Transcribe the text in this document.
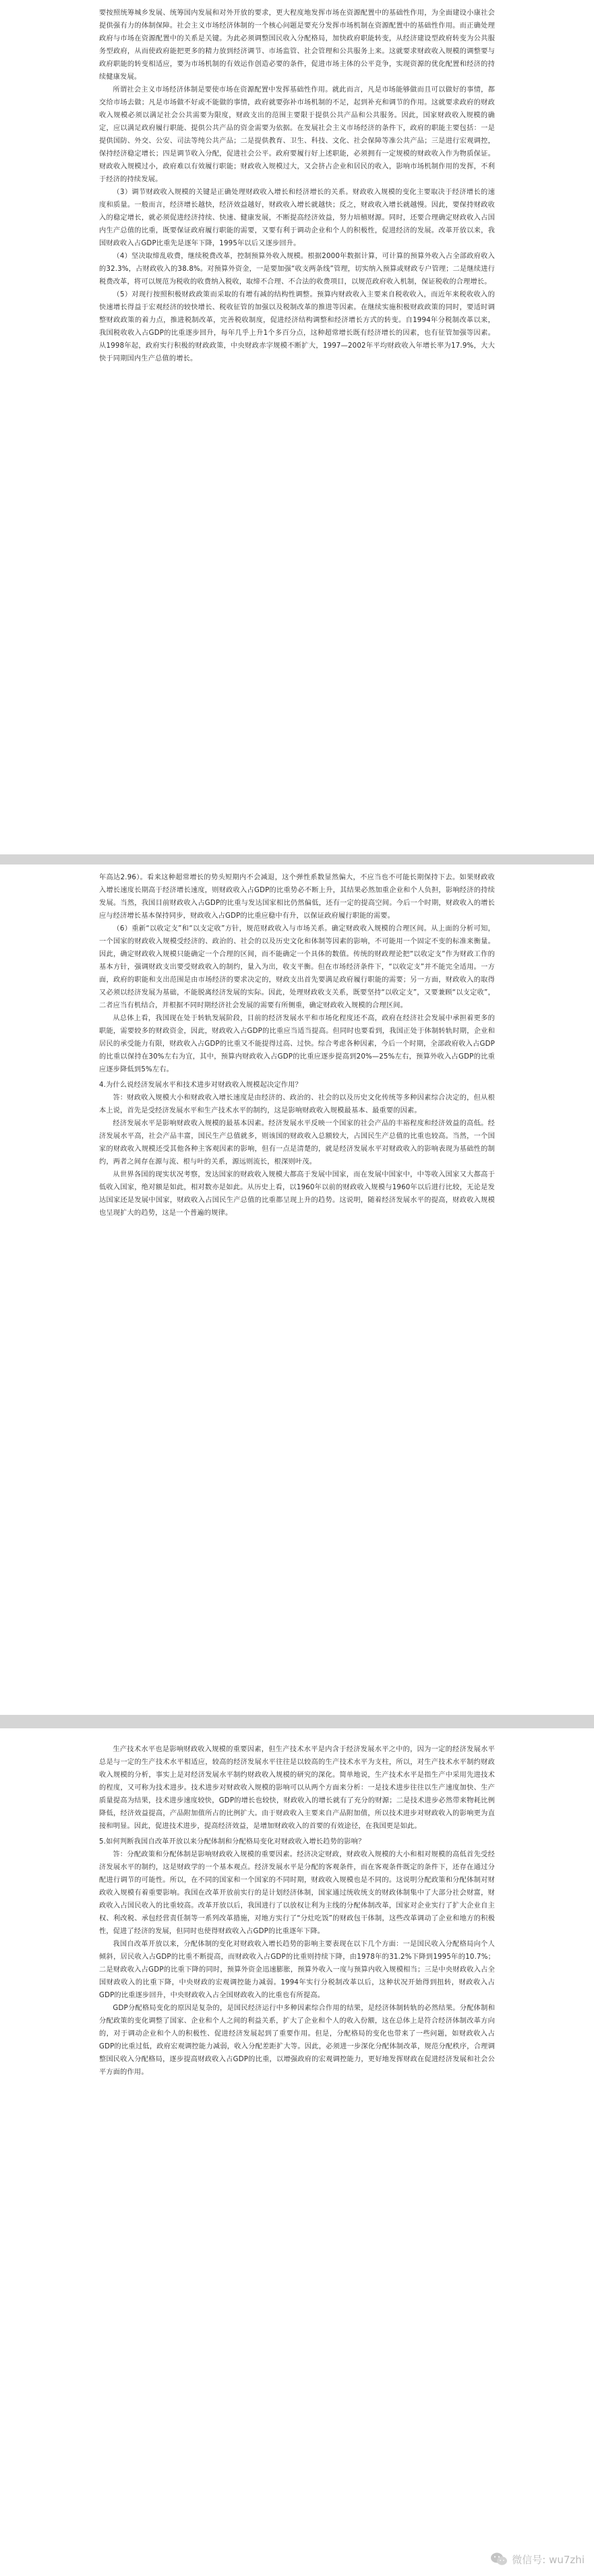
要按照统筹城乡发展、统筹国内发展和对外开放的要求，更大程度地发挥市场在资源配置中的基础性作用，为全面建设小康社会提供强有力的体制保障。社会主义市场经济体制的一个核心问题是要充分发挥市场机制在资源配置中的基础性作用。而正确处理政府与市场在资源配置中的关系是关键。为此必须调整国民收入分配格局，加快政府职能转变，从经济建设型政府转变为公共服务型政府，从而使政府能把更多的精力放到经济调节、市场监管、社会管理和公共服务上来。这就要求财政收入规模的调整要与政府职能的转变相适应，要为市场机制的有效运作创造必要的条件，促进市场主体的公平竞争，实现资源的优化配置和经济的持续健康发展。

所谓社会主义市场经济体制是要使市场在资源配置中发挥基础性作用。就此而言，凡是市场能够做而且可以做好的事情，都交给市场去做；凡是市场做不好或不能做的事情，政府就要弥补市场机制的不足，起到补充和调节的作用。这就要求政府的财政收入规模必须以满足社会公共需要为限度，财政支出的范围主要限于提供公共产品和公共服务。因此，国家财政收入规模的确定，应以满足政府履行职能、提供公共产品的资金需要为依据。在发展社会主义市场经济的条件下，政府的职能主要包括：一是提供国防、外交、公安、司法等纯公共产品；二是提供教育、卫生、科技、文化、社会保障等准公共产品；三是进行宏观调控，保持经济稳定增长；四是调节收入分配，促进社会公平。政府要履行好上述职能，必须拥有一定规模的财政收入作为物质保证。财政收入规模过小，政府难以有效履行职能；财政收入规模过大，又会挤占企业和居民的收入，影响市场机制作用的发挥，不利于经济的持续发展。

（3）调节财政收入规模的关键是正确处理财政收入增长和经济增长的关系。财政收入规模的变化主要取决于经济增长的速度和质量。一般而言，经济增长越快，经济效益越好，财政收入增长就越快；反之，财政收入增长就越慢。因此，要保持财政收入的稳定增长，就必须促进经济持续、快速、健康发展，不断提高经济效益，努力培植财源。同时，还要合理确定财政收入占国内生产总值的比重，既要保证政府履行职能的需要，又要有利于调动企业和个人的积极性，促进经济的发展。改革开放以来，我国财政收入占GDP比重先是逐年下降，1995年以后又逐步回升。

（4）坚决取缔乱收费，继续税费改革，控制预算外收入规模。根据2000年数据计算，可计算的预算外收入占全部政府收入的32.3%，占财政收入的38.8%。对预算外资金，一是要加强“收支两条线”管理，切实纳入预算或财政专户管理；二是继续进行税费改革，将可以规范为税收的收费纳入税收，取缔不合理、不合法的收费项目，以规范政府收入机制，保证税收的合理增长。

（5）对现行按照积极财政政策而采取的有增有减的结构性调整。预算内财政收入主要来自税收收入，而近年来税收收入的快速增长得益于宏观经济的较快增长、税收征管的加强以及税制改革的推进等因素。在继续实施积极财政政策的同时，要适时调整财政政策的着力点，推进税制改革，完善税收制度，促进经济结构调整和经济增长方式的转变。自1994年分税制改革以来，我国税收收入占GDP的比重逐步回升，每年几乎上升1个多百分点，这种超常增长既有经济增长的因素，也有征管加强等因素。从1998年起，政府实行积极的财政政策，中央财政赤字规模不断扩大，1997—2002年平均财政收入年增长率为17.9%，大大快于同期国内生产总值的增长。

年高达2.96）。看来这种超常增长的势头短期内不会减退，这个弹性系数显然偏大，不应当也不可能长期保持下去。如果财政收入增长速度长期高于经济增长速度，则财政收入占GDP的比重势必不断上升，其结果必然加重企业和个人负担，影响经济的持续发展。当然，我国目前财政收入占GDP的比重与发达国家相比仍然偏低，还有一定的提高空间。今后一个时期，财政收入的增长应与经济增长基本保持同步，财政收入占GDP的比重应稳中有升，以保证政府履行职能的需要。

（6）重新“以收定支”和“以支定收”方针，规范财政收入与市场关系。确定财政收入规模的合理区间。从上面的分析可知，一个国家的财政收入规模受经济的、政治的、社会的以及历史文化和体制等因素的影响，不可能用一个固定不变的标准来衡量。因此，确定财政收入规模只能确定一个合理的区间，而不能确定一个具体的数值。传统的财政理论把“以收定支”作为财政工作的基本方针，强调财政支出要受财政收入的制约，量入为出，收支平衡。但在市场经济条件下，“以收定支”并不能完全适用。一方面，政府的职能和支出范围是由市场经济的要求决定的，财政支出首先要满足政府履行职能的需要；另一方面，财政收入的取得又必须以经济发展为基础，不能脱离经济发展的实际。因此，处理财政收支关系，既要坚持“以收定支”，又要兼顾“以支定收”，二者应当有机结合，并根据不同时期经济社会发展的需要有所侧重，确定财政收入规模的合理区间。

从总体上看，我国现在处于转轨发展阶段，目前的经济发展水平和市场化程度还不高，政府在经济社会发展中承担着更多的职能，需要较多的财政资金，因此，财政收入占GDP的比重应当适当提高。但同时也要看到，我国正处于体制转轨时期，企业和居民的承受能力有限，财政收入占GDP的比重又不能提得过高、过快。综合考虑各种因素，今后一个时期，全部政府收入占GDP的比重以保持在30%左右为宜，其中，预算内财政收入占GDP的比重应逐步提高到20%—25%左右，预算外收入占GDP的比重应逐步降低到5%左右。

4.为什么说经济发展水平和技术进步对财政收入规模起决定作用？

答：财政收入规模大小和财政收入增长速度是由经济的、政治的、社会的以及历史文化传统等多种因素综合决定的，但从根本上说，首先是受经济发展水平和生产技术水平的制约，这是影响财政收入规模最基本、最重要的因素。

经济发展水平是影响财政收入规模的最基本因素。经济发展水平反映一个国家的社会产品的丰裕程度和经济效益的高低。经济发展水平高，社会产品丰富，国民生产总值就多，则该国的财政收入总额较大，占国民生产总值的比重也较高。当然，一个国家的财政收入规模还受其他各种主客观因素的影响，但有一点是清楚的，就是经济发展水平对财政收入的影响表现为基础性的制约，两者之间存在源与流、根与叶的关系，源远则流长，根深则叶茂。

从世界各国的现实状况考察，发达国家的财政收入规模大都高于发展中国家，而在发展中国家中，中等收入国家又大都高于低收入国家，绝对额是如此，相对数亦是如此。从历史上看，以1960年以前的财政收入规模与1960年以后进行比较，无论是发达国家还是发展中国家，财政收入占国民生产总值的比重都呈现上升的趋势。这说明，随着经济发展水平的提高，财政收入规模也呈现扩大的趋势，这是一个普遍的规律。

生产技术水平也是影响财政收入规模的重要因素，但生产技术水平是内含于经济发展水平之中的，因为一定的经济发展水平总是与一定的生产技术水平相适应，较高的经济发展水平往往是以较高的生产技术水平为支柱，所以，对生产技术水平制约财政收入规模的分析，事实上是对经济发展水平制约财政收入规模的研究的深化。简单地说，生产技术水平是指生产中采用先进技术的程度，又可称为技术进步。技术进步对财政收入规模的影响可以从两个方面来分析：一是技术进步往往以生产速度加快、生产质量提高为结果，技术进步速度较快，GDP的增长也较快，财政收入的增长就有了充分的财源；二是技术进步必然带来物耗比例降低，经济效益提高，产品附加值所占的比例扩大。由于财政收入主要来自产品附加值，所以技术进步对财政收入的影响更为直接和明显。因此，促进技术进步，提高经济效益，是增加财政收入的首要的有效途径，在我国更是如此。

5.如何判断我国自改革开放以来分配体制和分配格局变化对财政收入增长趋势的影响？

答：分配政策和分配体制是影响财政收入规模的重要因素。经济决定财政，财政收入规模的大小和相对规模的高低首先受经济发展水平的制约，这是财政学的一个基本观点。经济发展水平是分配的客观条件，而在客观条件既定的条件下，还存在通过分配进行调节的可能性。所以，在不同的国家和一个国家的不同时期，财政收入规模也是不同的。这说明分配政策和分配体制对财政收入规模有着重要影响。我国在改革开放前实行的是计划经济体制，国家通过统收统支的财政体制集中了大部分社会财富，财政收入占国民收入的比重较高。改革开放以后，我国进行了以放权让利为主线的分配体制改革，国家对企业实行了扩大企业自主权、利改税、承包经营责任制等一系列改革措施，对地方实行了“分灶吃饭”的财政包干体制，这些改革调动了企业和地方的积极性，促进了经济的发展，但同时也使得财政收入占GDP的比重逐年下降。

我国自改革开放以来，分配体制的变化对财政收入增长趋势的影响主要表现在以下几个方面：一是国民收入分配格局向个人倾斜，居民收入占GDP的比重不断提高，而财政收入占GDP的比重则持续下降，由1978年的31.2%下降到1995年的10.7%；二是财政收入占GDP的比重下降的同时，预算外资金迅速膨胀，预算外收入一度与预算内收入规模相当；三是中央财政收入占全国财政收入的比重下降，中央财政的宏观调控能力减弱。1994年实行分税制改革以后，这种状况开始得到扭转，财政收入占GDP的比重逐步回升，中央财政收入占全国财政收入的比重也有所提高。

GDP分配格局变化的原因是复杂的，是国民经济运行中多种因素综合作用的结果，是经济体制转轨的必然结果。分配体制和分配政策的变化调整了国家、企业和个人之间的利益关系，扩大了企业和个人的收入份额，这在总体上是符合经济体制改革方向的，对于调动企业和个人的积极性、促进经济发展起到了重要作用。但是，分配格局的变化也带来了一些问题，如财政收入占GDP的比重过低，政府宏观调控能力减弱，收入分配差距扩大等。因此，必须进一步深化分配体制改革，规范分配秩序，合理调整国民收入分配格局，逐步提高财政收入占GDP的比重，以增强政府的宏观调控能力，更好地发挥财政在促进经济发展和社会公平方面的作用。

微信号: wu7zhi
